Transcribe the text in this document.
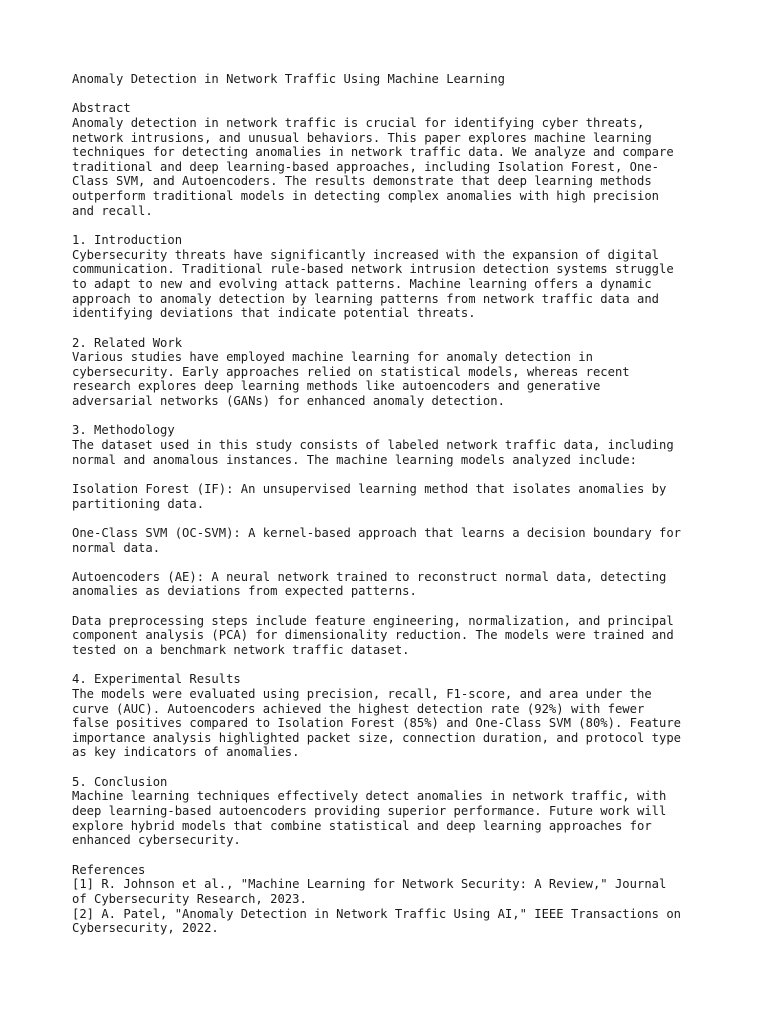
Anomaly Detection in Network Traffic Using Machine Learning
Abstract
Anomaly detection in network traffic is crucial for identifying cyber threats,
network intrusions, and unusual behaviors. This paper explores machine learning
techniques for detecting anomalies in network traffic data. We analyze and compare
traditional and deep learning-based approaches, including Isolation Forest, One-
Class SVM, and Autoencoders. The results demonstrate that deep learning methods
outperform traditional models in detecting complex anomalies with high precision
and recall.
1. Introduction
Cybersecurity threats have significantly increased with the expansion of digital
communication. Traditional rule-based network intrusion detection systems struggle
to adapt to new and evolving attack patterns. Machine learning offers a dynamic
approach to anomaly detection by learning patterns from network traffic data and
identifying deviations that indicate potential threats.
2. Related Work
Various studies have employed machine learning for anomaly detection in
cybersecurity. Early approaches relied on statistical models, whereas recent
research explores deep learning methods like autoencoders and generative
adversarial networks (GANs) for enhanced anomaly detection.
3. Methodology
The dataset used in this study consists of labeled network traffic data, including
normal and anomalous instances. The machine learning models analyzed include:
Isolation Forest (IF): An unsupervised learning method that isolates anomalies by
partitioning data.
One-Class SVM (OC-SVM): A kernel-based approach that learns a decision boundary for
normal data.
Autoencoders (AE): A neural network trained to reconstruct normal data, detecting
anomalies as deviations from expected patterns.
Data preprocessing steps include feature engineering, normalization, and principal
component analysis (PCA) for dimensionality reduction. The models were trained and
tested on a benchmark network traffic dataset.
4. Experimental Results
The models were evaluated using precision, recall, F1-score, and area under the
curve (AUC). Autoencoders achieved the highest detection rate (92%) with fewer
false positives compared to Isolation Forest (85%) and One-Class SVM (80%). Feature
importance analysis highlighted packet size, connection duration, and protocol type
as key indicators of anomalies.
5. Conclusion
Machine learning techniques effectively detect anomalies in network traffic, with
deep learning-based autoencoders providing superior performance. Future work will
explore hybrid models that combine statistical and deep learning approaches for
enhanced cybersecurity.
References
[1] R. Johnson et al., "Machine Learning for Network Security: A Review," Journal
of Cybersecurity Research, 2023.
[2] A. Patel, "Anomaly Detection in Network Traffic Using AI," IEEE Transactions on
Cybersecurity, 2022.
